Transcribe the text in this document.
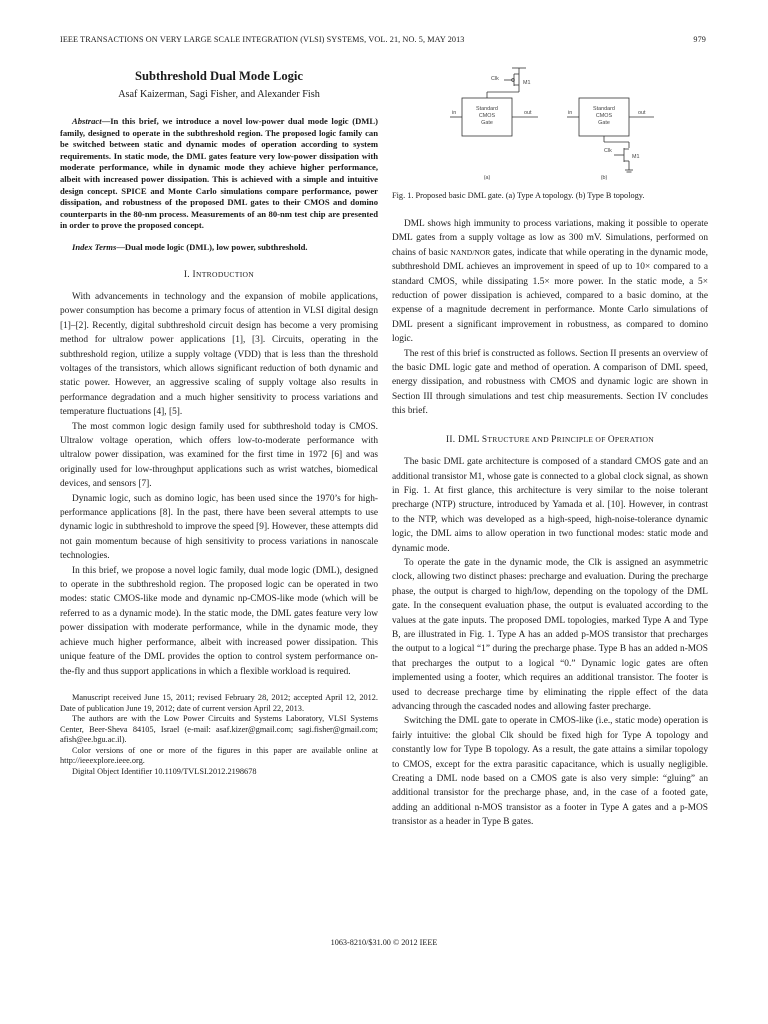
IEEE TRANSACTIONS ON VERY LARGE SCALE INTEGRATION (VLSI) SYSTEMS, VOL. 21, NO. 5, MAY 2013	979
Subthreshold Dual Mode Logic
Asaf Kaizerman, Sagi Fisher, and Alexander Fish
Abstract—In this brief, we introduce a novel low-power dual mode logic (DML) family, designed to operate in the subthreshold region. The proposed logic family can be switched between static and dynamic modes of operation according to system requirements. In static mode, the DML gates feature very low-power dissipation with moderate performance, while in dynamic mode they achieve higher performance, albeit with increased power dissipation. This is achieved with a simple and intuitive design concept. SPICE and Monte Carlo simulations compare performance, power dissipation, and robustness of the proposed DML gates to their CMOS and domino counterparts in the 80-nm process. Measurements of an 80-nm test chip are presented in order to prove the proposed concept.
Index Terms—Dual mode logic (DML), low power, subthreshold.
I. INTRODUCTION

With advancements in technology and the expansion of mobile applications, power consumption has become a primary focus of attention in VLSI digital design [1]–[2]. Recently, digital subthreshold circuit design has become a very promising method for ultralow power applications [1], [3]. Circuits, operating in the subthreshold region, utilize a supply voltage (VDD) that is less than the threshold voltages of the transistors, which allows significant reduction of both dynamic and static power. However, an aggressive scaling of supply voltage also results in performance degradation and a much higher sensitivity to process variations and temperature fluctuations [4], [5].

The most common logic design family used for subthreshold today is CMOS. Ultralow voltage operation, which offers low-to-moderate performance with ultralow power dissipation, was examined for the first time in 1972 [6] and was originally used for low-throughput applications such as wrist watches, biomedical devices, and sensors [7].

Dynamic logic, such as domino logic, has been used since the 1970’s for high-performance applications [8]. In the past, there have been several attempts to use dynamic logic in subthreshold to improve the speed [9]. However, these attempts did not gain momentum because of high sensitivity to process variations in nanoscale technologies.

In this brief, we propose a novel logic family, dual mode logic (DML), designed to operate in the subthreshold region. The proposed logic can be operated in two modes: static CMOS-like mode and dynamic np-CMOS-like mode (which will be referred to as a dynamic mode). In the static mode, the DML gates feature very low power dissipation with moderate performance, while in the dynamic mode, they achieve much higher performance, albeit with increased power dissipation. This unique feature of the DML provides the option to control system performance on-the-fly and thus support applications in which a flexible workload is required.

Manuscript received June 15, 2011; revised February 28, 2012; accepted April 12, 2012. Date of publication June 19, 2012; date of current version April 22, 2013.

The authors are with the Low Power Circuits and Systems Laboratory, VLSI Systems Center, Beer-Sheva 84105, Israel (e-mail: asaf.kizer@gmail.com; sagi.fisher@gmail.com; afish@ee.bgu.ac.il).

Color versions of one or more of the figures in this paper are available online at http://ieeexplore.ieee.org.

Digital Object Identifier 10.1109/TVLSI.2012.2198678

Clk
M1
Standard
CMOS
Gate
in	out
(a)
Standard
CMOS
Gate
in	out
Clk
M1
(b)
Fig. 1. Proposed basic DML gate. (a) Type A topology. (b) Type B topology.

DML shows high immunity to process variations, making it possible to operate DML gates from a supply voltage as low as 300 mV. Simulations, performed on chains of basic NAND/NOR gates, indicate that while operating in the dynamic mode, subthreshold DML achieves an improvement in speed of up to 10× compared to a standard CMOS, while dissipating 1.5× more power. In the static mode, a 5× reduction of power dissipation is achieved, compared to a basic domino, at the expense of a magnitude decrement in performance. Monte Carlo simulations of DML present a significant improvement in robustness, as compared to domino logic.

The rest of this brief is constructed as follows. Section II presents an overview of the basic DML logic gate and method of operation. A comparison of DML speed, energy dissipation, and robustness with CMOS and dynamic logic are shown in Section III through simulations and test chip measurements. Section IV concludes this brief.

II. DML STRUCTURE AND PRINCIPLE OF OPERATION

The basic DML gate architecture is composed of a standard CMOS gate and an additional transistor M1, whose gate is connected to a global clock signal, as shown in Fig. 1. At first glance, this architecture is very similar to the noise tolerant precharge (NTP) structure, introduced by Yamada et al. [10]. However, in contrast to the NTP, which was developed as a high-speed, high-noise-tolerance dynamic logic, the DML aims to allow operation in two functional modes: static mode and dynamic mode.

To operate the gate in the dynamic mode, the Clk is assigned an asymmetric clock, allowing two distinct phases: precharge and evaluation. During the precharge phase, the output is charged to high/low, depending on the topology of the DML gate. In the consequent evaluation phase, the output is evaluated according to the values at the gate inputs. The proposed DML topologies, marked Type A and Type B, are illustrated in Fig. 1. Type A has an added p-MOS transistor that precharges the output to a logical “1” during the precharge phase. Type B has an added n-MOS that precharges the output to a logical “0.” Dynamic logic gates are often implemented using a footer, which requires an additional transistor. The footer is used to decrease precharge time by eliminating the ripple effect of the data advancing through the cascaded nodes and allowing faster precharge.

Switching the DML gate to operate in CMOS-like (i.e., static mode) operation is fairly intuitive: the global Clk should be fixed high for Type A topology and constantly low for Type B topology. As a result, the gate attains a similar topology to CMOS, except for the extra parasitic capacitance, which is usually negligible. Creating a DML node based on a CMOS gate is also very simple: “gluing” an additional transistor for the precharge phase, and, in the case of a footed gate, adding an additional n-MOS transistor as a footer in Type A gates and a p-MOS transistor as a header in Type B gates.

1063-8210/$31.00 © 2012 IEEE
